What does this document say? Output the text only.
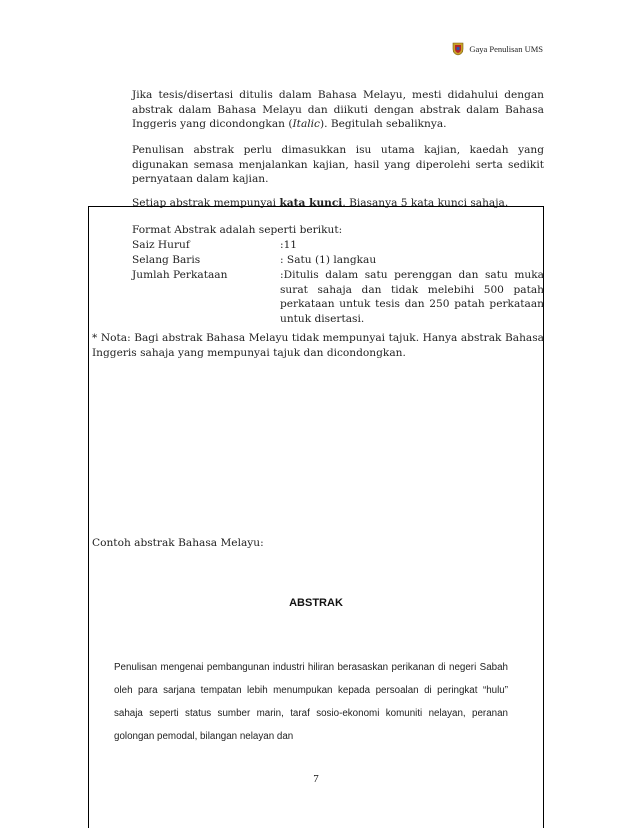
Gaya Penulisan UMS
Jika tesis/disertasi ditulis dalam Bahasa Melayu, mesti didahului dengan abstrak dalam Bahasa Melayu dan diikuti dengan abstrak dalam Bahasa Inggeris yang dicondongkan (Italic). Begitulah sebaliknya.
Penulisan abstrak perlu dimasukkan isu utama kajian, kaedah yang digunakan semasa menjalankan kajian, hasil yang diperolehi serta sedikit pernyataan dalam kajian.
Setiap abstrak mempunyai kata kunci. Biasanya 5 kata kunci sahaja.
Format Abstrak adalah seperti berikut:
Saiz Huruf	:11
Selang Baris	: Satu (1) langkau
Jumlah Perkataan	:Ditulis dalam satu perenggan dan satu muka surat sahaja dan tidak melebihi 500 patah perkataan untuk tesis dan 250 patah perkataan untuk disertasi.
* Nota: Bagi abstrak Bahasa Melayu tidak mempunyai tajuk. Hanya abstrak Bahasa Inggeris sahaja yang mempunyai tajuk dan dicondongkan.
Contoh abstrak Bahasa Melayu:
ABSTRAK
Penulisan mengenai pembangunan industri hiliran berasaskan perikanan di negeri Sabah oleh para sarjana tempatan lebih menumpukan kepada persoalan di peringkat “hulu” sahaja seperti status sumber marin, taraf sosio-ekonomi komuniti nelayan, peranan golongan pemodal, bilangan nelayan dan
7
